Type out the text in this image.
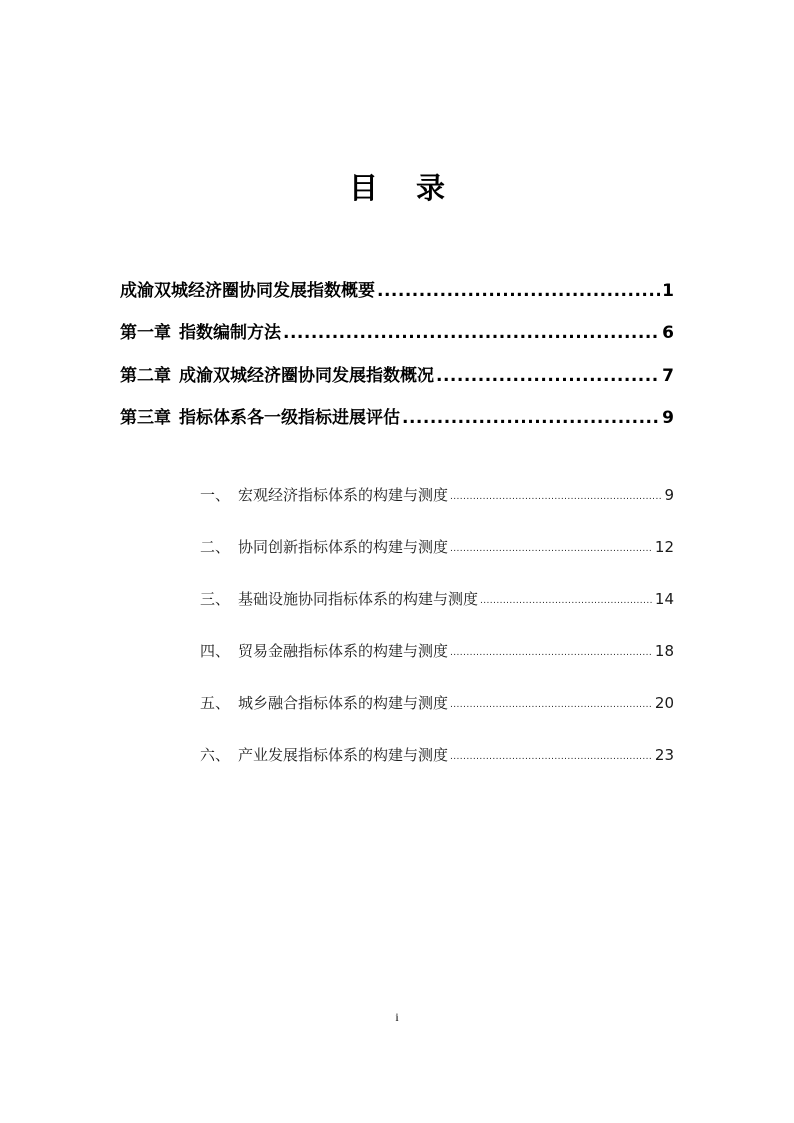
目 录
成渝双城经济圈协同发展指数概要 .....	1
第一章 指数编制方法 .....	6
第二章 成渝双城经济圈协同发展指数概况 .....	7
第三章 指标体系各一级指标进展评估 .....	9
一、 宏观经济指标体系的构建与测度 .....	9
二、 协同创新指标体系的构建与测度 .....	12
三、 基础设施协同指标体系的构建与测度 .....	14
四、 贸易金融指标体系的构建与测度 .....	18
五、 城乡融合指标体系的构建与测度 .....	20
六、 产业发展指标体系的构建与测度 .....	23
i
